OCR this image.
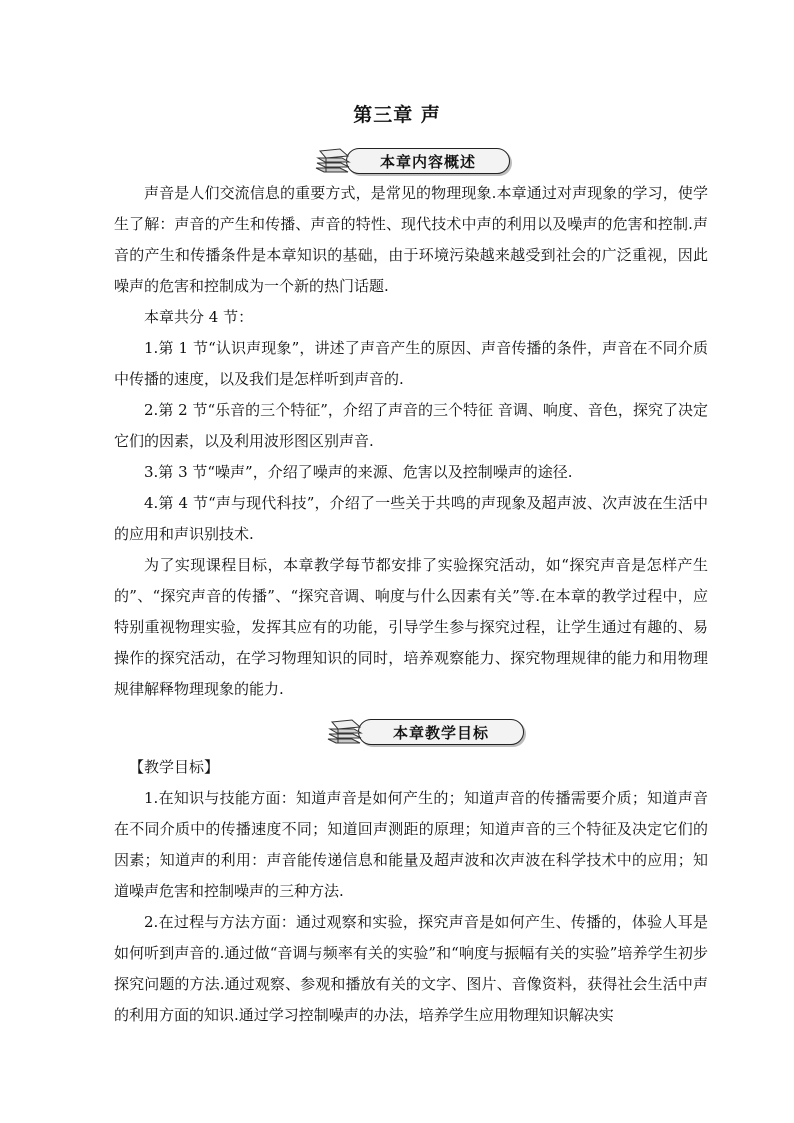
第三章 声
本章内容概述

声音是人们交流信息的重要方式，是常见的物理现象.本章通过对声现象的学习，使学生了解：声音的产生和传播、声音的特性、现代技术中声的利用以及噪声的危害和控制.声音的产生和传播条件是本章知识的基础，由于环境污染越来越受到社会的广泛重视，因此噪声的危害和控制成为一个新的热门话题.

本章共分 4 节：

1.第 1 节“认识声现象”，讲述了声音产生的原因、声音传播的条件，声音在不同介质中传播的速度，以及我们是怎样听到声音的.

2.第 2 节“乐音的三个特征”，介绍了声音的三个特征 音调、响度、音色，探究了决定它们的因素，以及利用波形图区别声音.

3.第 3 节“噪声”，介绍了噪声的来源、危害以及控制噪声的途径.

4.第 4 节“声与现代科技”，介绍了一些关于共鸣的声现象及超声波、次声波在生活中的应用和声识别技术.

为了实现课程目标，本章教学每节都安排了实验探究活动，如“探究声音是怎样产生的”、“探究声音的传播”、“探究音调、响度与什么因素有关”等.在本章的教学过程中，应特别重视物理实验，发挥其应有的功能，引导学生参与探究过程，让学生通过有趣的、易操作的探究活动，在学习物理知识的同时，培养观察能力、探究物理规律的能力和用物理规律解释物理现象的能力.

本章教学目标

【教学目标】

1.在知识与技能方面：知道声音是如何产生的；知道声音的传播需要介质；知道声音在不同介质中的传播速度不同；知道回声测距的原理；知道声音的三个特征及决定它们的因素；知道声的利用：声音能传递信息和能量及超声波和次声波在科学技术中的应用；知道噪声危害和控制噪声的三种方法.

2.在过程与方法方面：通过观察和实验，探究声音是如何产生、传播的，体验人耳是如何听到声音的.通过做“音调与频率有关的实验”和“响度与振幅有关的实验”培养学生初步探究问题的方法.通过观察、参观和播放有关的文字、图片、音像资料，获得社会生活中声的利用方面的知识.通过学习控制噪声的办法，培养学生应用物理知识解决实
